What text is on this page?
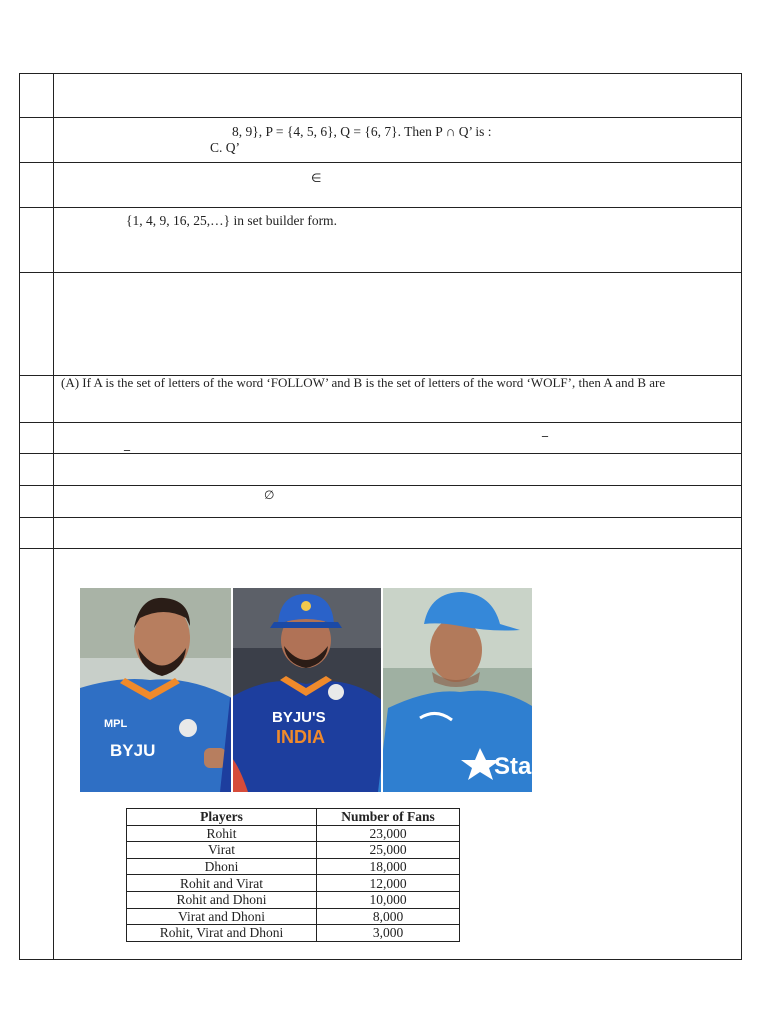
8, 9}, P = {4, 5, 6}, Q = {6, 7}. Then P ∩ Q’ is :
C. Q’
∈
{1, 4, 9, 16, 25,…} in set builder form.
(A) If A is the set of letters of the word ‘FOLLOW’ and B is the set of letters of the word ‘WOLF’, then A and B are
_
_
∅
MPL
BYJU
BYJU'S
INDIA
Star
Players	Number of Fans
Rohit	23,000
Virat	25,000
Dhoni	18,000
Rohit and Virat	12,000
Rohit and Dhoni	10,000
Virat and Dhoni	8,000
Rohit, Virat and Dhoni	3,000
